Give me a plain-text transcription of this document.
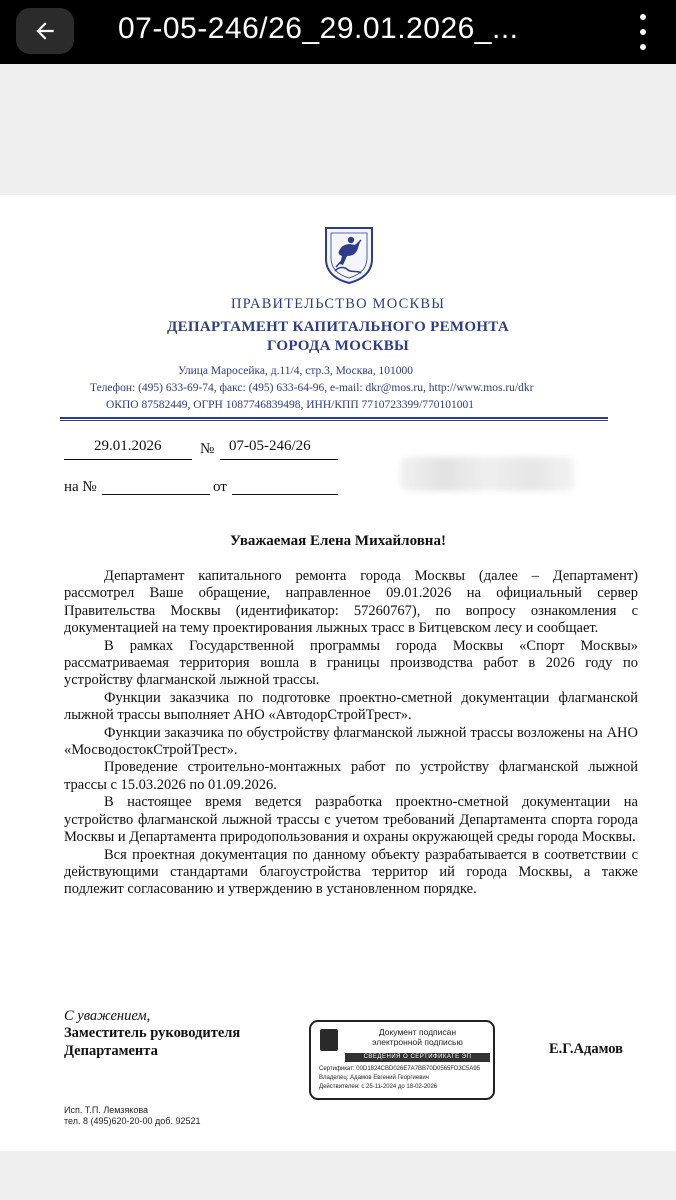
07-05-246/26_29.01.2026_...
ПРАВИТЕЛЬСТВО МОСКВЫ
ДЕПАРТАМЕНТ КАПИТАЛЬНОГО РЕМОНТА
ГОРОДА МОСКВЫ
Улица Маросейка, д.11/4, стр.3, Москва, 101000
Телефон: (495) 633-69-74, факс: (495) 633-64-96, e-mail: dkr@mos.ru, http://www.mos.ru/dkr
ОКПО 87582449, ОГРН 1087746839498, ИНН/КПП 7710723399/770101001
29.01.2026	№ 07-05-246/26
на №	от
Уважаемая Елена Михайловна!

Департамент капитального ремонта города Москвы (далее – Департамент) рассмотрел Ваше обращение, направленное 09.01.2026 на официальный сервер Правительства Москвы (идентификатор: 57260767), по вопросу ознакомления с документацией на тему проектирования лыжных трасс в Битцевском лесу и сообщает.

В рамках Государственной программы города Москвы «Спорт Москвы» рассматриваемая территория вошла в границы производства работ в 2026 году по устройству флагманской лыжной трассы.

Функции заказчика по подготовке проектно-сметной документации флагманской лыжной трассы выполняет АНО «АвтодорСтройТрест».

Функции заказчика по обустройству флагманской лыжной трассы возложены на АНО «МосводостокСтройТрест».

Проведение строительно-монтажных работ по устройству флагманской лыжной трассы с 15.03.2026 по 01.09.2026.

В настоящее время ведется разработка проектно-сметной документации на устройство флагманской лыжной трассы с учетом требований Департамента спорта города Москвы и Департамента природопользования и охраны окружающей среды города Москвы.

Вся проектная документация по данному объекту разрабатывается в соответствии с действующими стандартами благоустройства территор ий города Москвы, а также подлежит согласованию и утверждению в установленном порядке.

С уважением,
Заместитель руководителя
Департамента
Документ подписан
электронной подписью
СВЕДЕНИЯ О СЕРТИФИКАТЕ ЭП
Сертификат: 00D1824CBD026E7A7BB70D0565FD3C5A95
Владелец: Адамов Евгений Георгиевич
Действителен: с 25-11-2024 до 18-02-2026
Е.Г.Адамов
Исп. Т.П. Лемзякова
тел. 8 (495)620-20-00 доб. 92521
